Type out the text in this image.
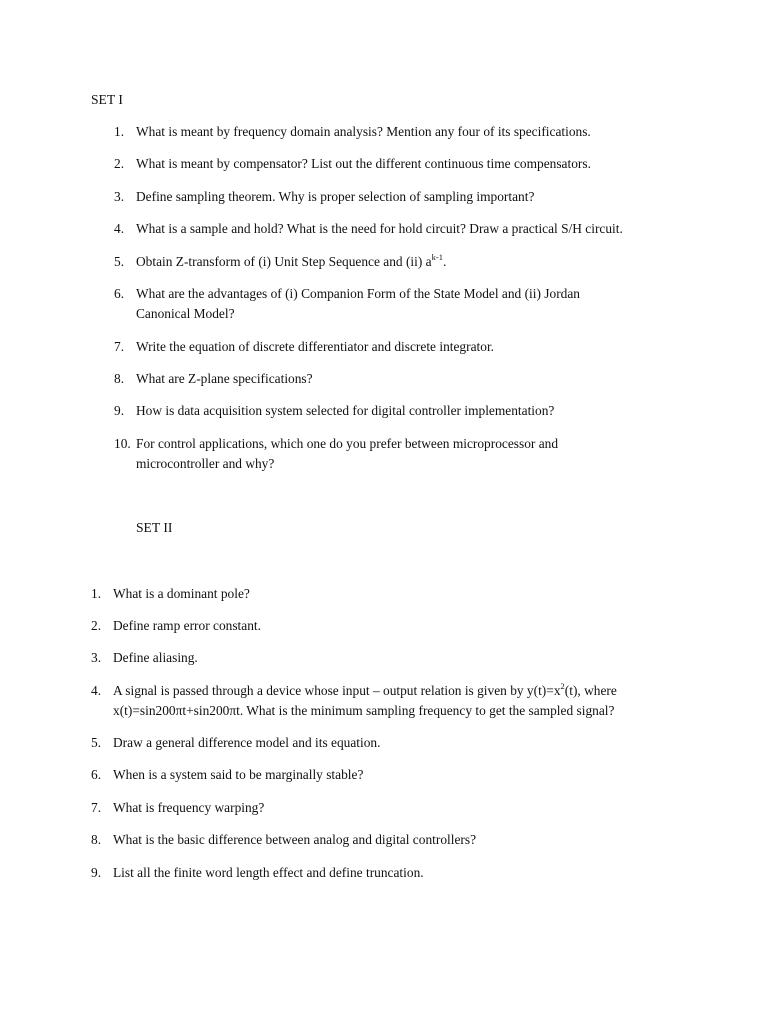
SET I
1. What is meant by frequency domain analysis? Mention any four of its specifications.
2. What is meant by compensator? List out the different continuous time compensators.
3. Define sampling theorem. Why is proper selection of sampling important?
4. What is a sample and hold? What is the need for hold circuit? Draw a practical S/H circuit.
5. Obtain Z-transform of (i) Unit Step Sequence and (ii) $a^{k-1}$.
6. What are the advantages of (i) Companion Form of the State Model and (ii) Jordan
Canonical Model?
7. Write the equation of discrete differentiator and discrete integrator.
8. What are Z-plane specifications?
9. How is data acquisition system selected for digital controller implementation?
10. For control applications, which one do you prefer between microprocessor and
microcontroller and why?
SET II
1. What is a dominant pole?
2. Define ramp error constant.
3. Define aliasing.
4. A signal is passed through a device whose input – output relation is given by $y(t)=x^2(t)$, where
x(t)=sin200πt+sin200πt. What is the minimum sampling frequency to get the sampled signal?
5. Draw a general difference model and its equation.
6. When is a system said to be marginally stable?
7. What is frequency warping?
8. What is the basic difference between analog and digital controllers?
9. List all the finite word length effect and define truncation.
